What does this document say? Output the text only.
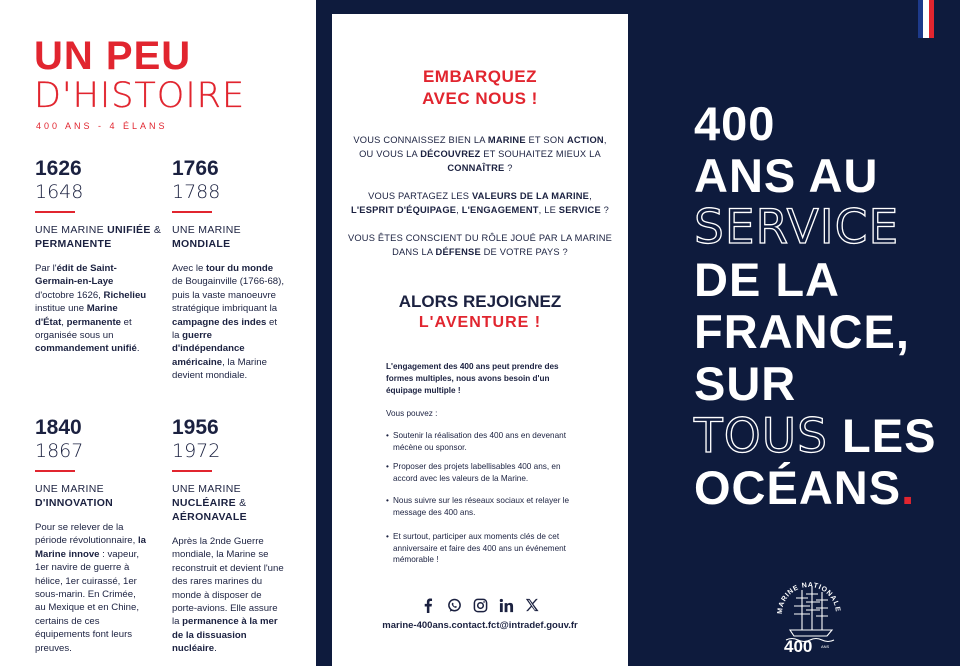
UN PEU
D'HISTOIRE
400 ANS - 4 ÉLANS
1626
1648
UNE MARINE UNIFIÉE & PERMANENTE
Par l'édit de Saint-Germain-en-Laye d'octobre 1626, Richelieu institue une Marine d'État, permanente et organisée sous un commandement unifié.
1766
1788
UNE MARINE
MONDIALE
Avec le tour du monde de Bougainville (1766-68), puis la vaste manoeuvre stratégique imbriquant la campagne des indes et la guerre d'indépendance américaine, la Marine devient mondiale.
1840
1867
UNE MARINE
D'INNOVATION
Pour se relever de la période révolutionnaire, la Marine innove : vapeur, 1er navire de guerre à hélice, 1er cuirassé, 1er sous-marin. En Crimée, au Mexique et en Chine, certains de ces équipements font leurs preuves.
1956
1972
UNE MARINE
NUCLÉAIRE &
AÉRONAVALE
Après la 2nde Guerre mondiale, la Marine se reconstruit et devient l'une des rares marines du monde à disposer de porte-avions. Elle assure la permanence à la mer de la dissuasion nucléaire.
EMBARQUEZ
AVEC NOUS !
VOUS CONNAISSEZ BIEN LA MARINE ET SON ACTION, OU VOUS LA DÉCOUVREZ ET SOUHAITEZ MIEUX LA CONNAÎTRE ?
VOUS PARTAGEZ LES VALEURS DE LA MARINE, L'ESPRIT D'ÉQUIPAGE, L'ENGAGEMENT, LE SERVICE ?
VOUS ÊTES CONSCIENT DU RÔLE JOUÉ PAR LA MARINE DANS LA DÉFENSE DE VOTRE PAYS ?
ALORS REJOIGNEZ
L'AVENTURE !
L'engagement des 400 ans peut prendre des formes multiples, nous avons besoin d'un équipage multiple !
Vous pouvez :
• Soutenir la réalisation des 400 ans en devenant mécène ou sponsor.
• Proposer des projets labellisables 400 ans, en accord avec les valeurs de la Marine.
• Nous suivre sur les réseaux sociaux et relayer le message des 400 ans.
• Et surtout, participer aux moments clés de cet anniversaire et faire des 400 ans un événement mémorable !
marine-400ans.contact.fct@intradef.gouv.fr
400
ANS AU
SERVICE
DE LA
FRANCE,
SUR
TOUS LES
OCÉANS.
MARINE NATIONALE
400 ANS
